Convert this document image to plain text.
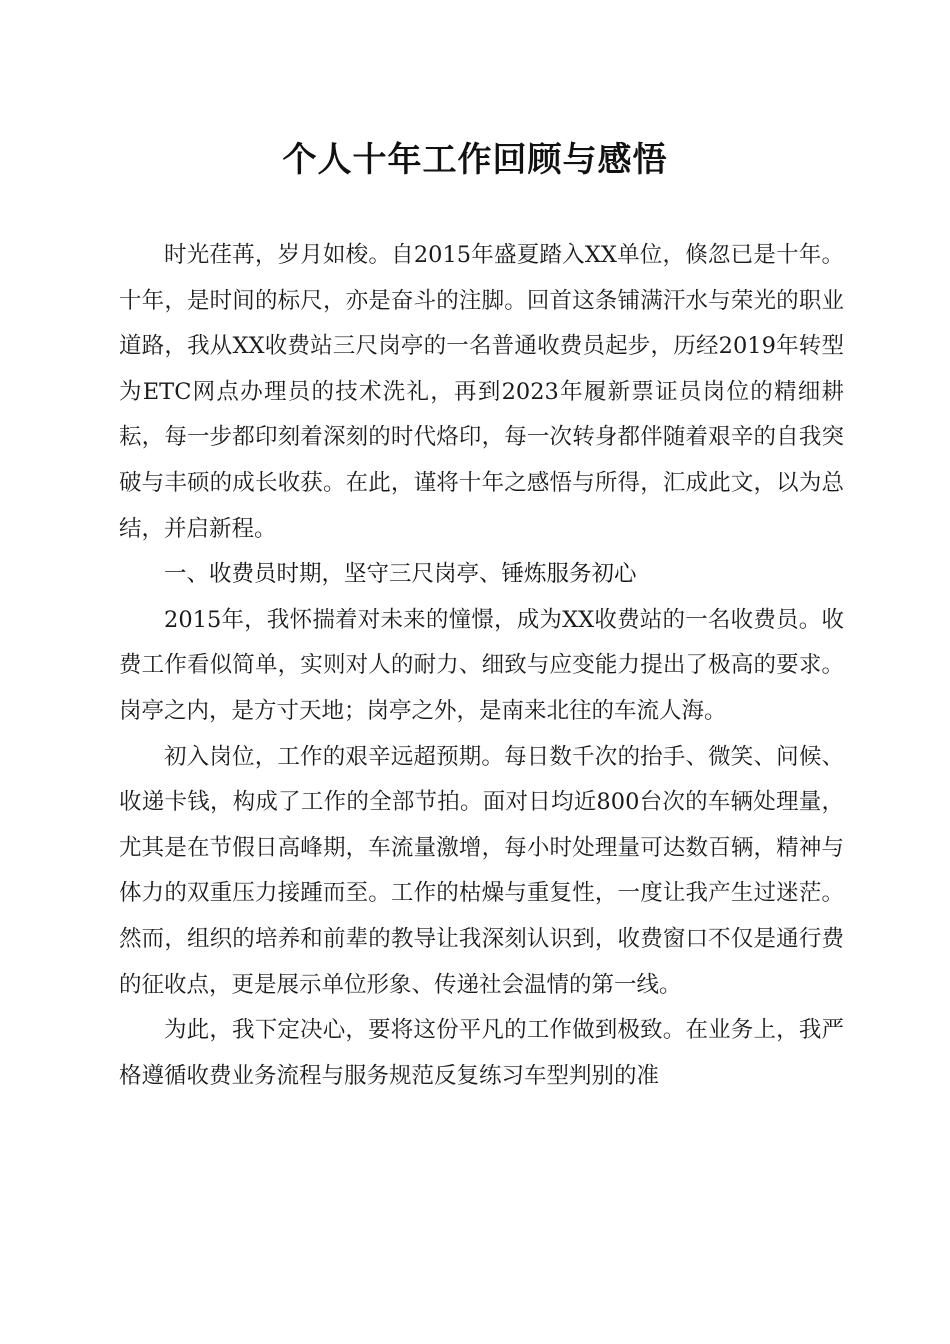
个人十年工作回顾与感悟

时光荏苒，岁月如梭。自2015年盛夏踏入XX单位，倏忽已是十年。十年，是时间的标尺，亦是奋斗的注脚。回首这条铺满汗水与荣光的职业道路，我从XX收费站三尺岗亭的一名普通收费员起步，历经2019年转型为ETC网点办理员的技术洗礼，再到2023年履新票证员岗位的精细耕耘，每一步都印刻着深刻的时代烙印，每一次转身都伴随着艰辛的自我突破与丰硕的成长收获。在此，谨将十年之感悟与所得，汇成此文，以为总结，并启新程。

一、收费员时期，坚守三尺岗亭、锤炼服务初心

2015年，我怀揣着对未来的憧憬，成为XX收费站的一名收费员。收费工作看似简单，实则对人的耐力、细致与应变能力提出了极高的要求。岗亭之内，是方寸天地；岗亭之外，是南来北往的车流人海。

初入岗位，工作的艰辛远超预期。每日数千次的抬手、微笑、问候、收递卡钱，构成了工作的全部节拍。面对日均近800台次的车辆处理量，尤其是在节假日高峰期，车流量激增，每小时处理量可达数百辆，精神与体力的双重压力接踵而至。工作的枯燥与重复性，一度让我产生过迷茫。然而，组织的培养和前辈的教导让我深刻认识到，收费窗口不仅是通行费的征收点，更是展示单位形象、传递社会温情的第一线。

为此，我下定决心，要将这份平凡的工作做到极致。在业务上，我严格遵循收费业务流程与服务规范反复练习车型判别的准
